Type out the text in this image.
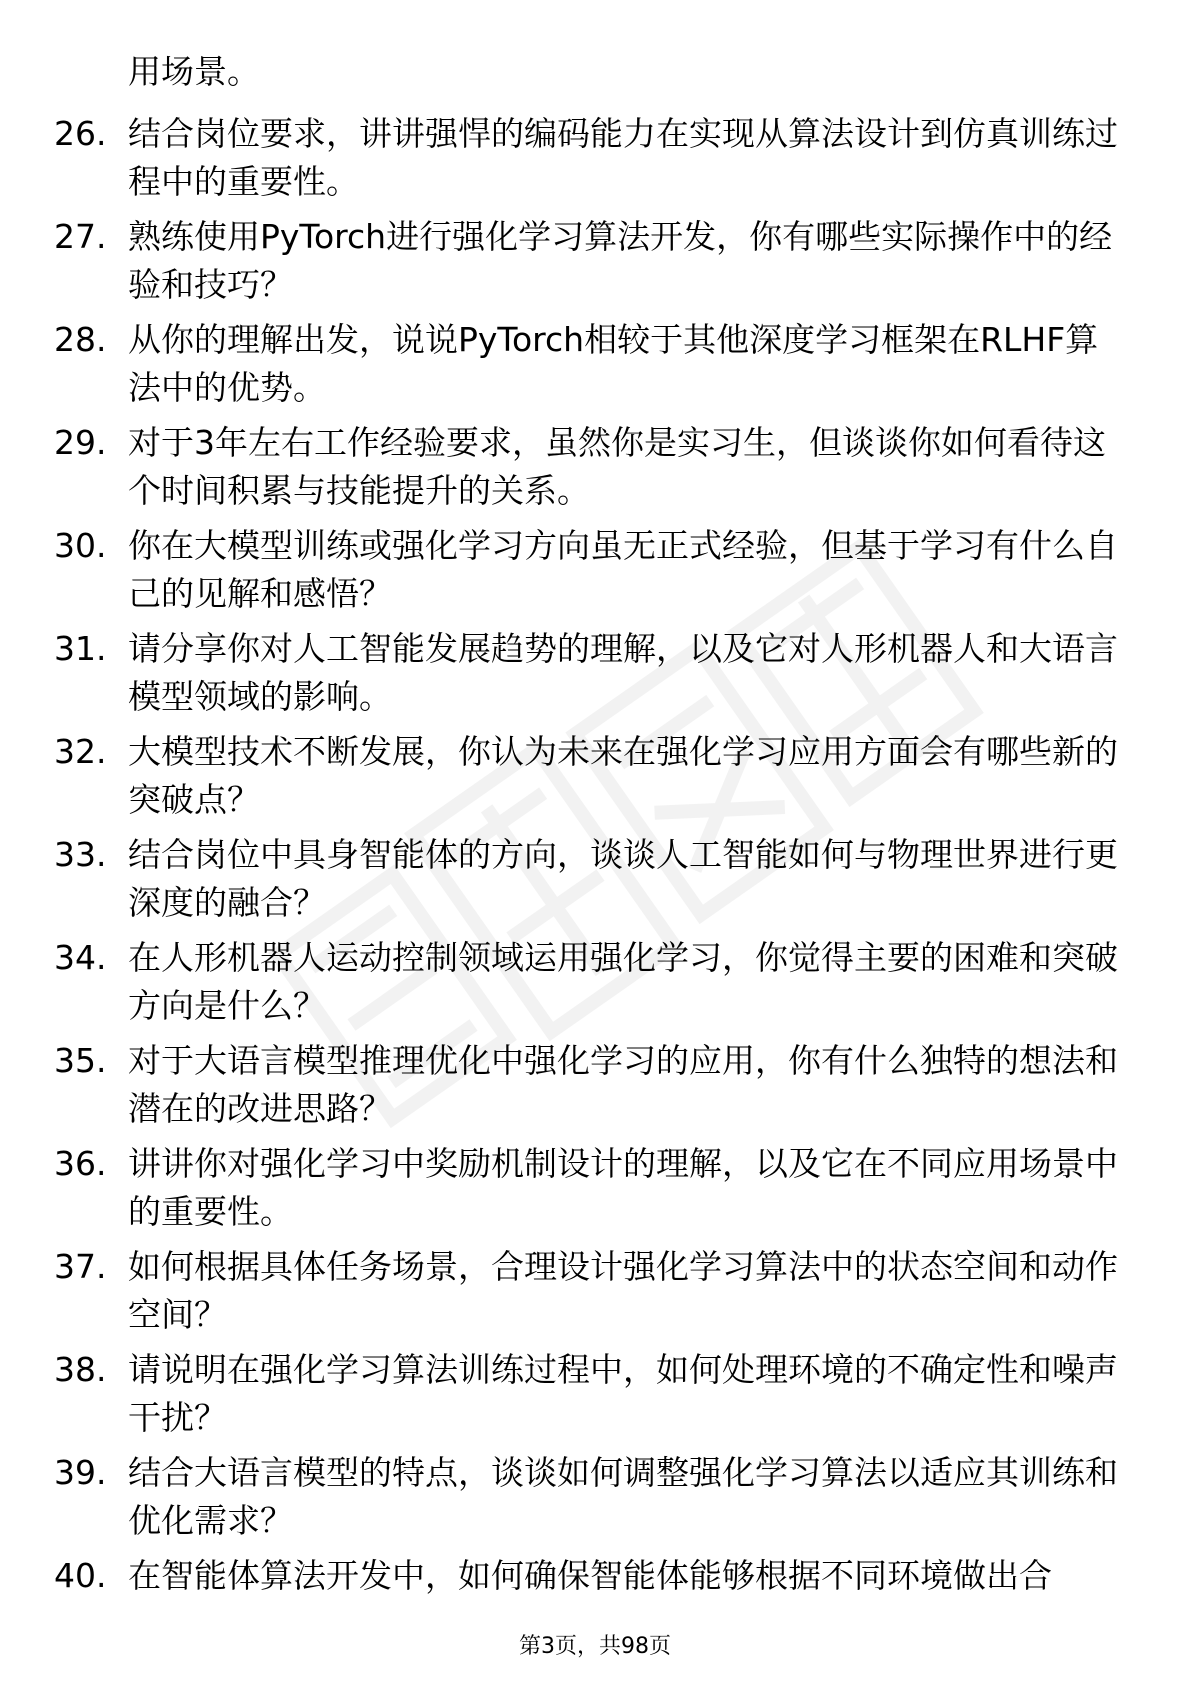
用场景。
26. 结合岗位要求，讲讲强悍的编码能力在实现从算法设计到仿真训练过程中的重要性。
27. 熟练使用PyTorch进行强化学习算法开发，你有哪些实际操作中的经验和技巧？
28. 从你的理解出发，说说PyTorch相较于其他深度学习框架在RLHF算法中的优势。
29. 对于3年左右工作经验要求，虽然你是实习生，但谈谈你如何看待这个时间积累与技能提升的关系。
30. 你在大模型训练或强化学习方向虽无正式经验，但基于学习有什么自己的见解和感悟？
31. 请分享你对人工智能发展趋势的理解，以及它对人形机器人和大语言模型领域的影响。
32. 大模型技术不断发展，你认为未来在强化学习应用方面会有哪些新的突破点？
33. 结合岗位中具身智能体的方向，谈谈人工智能如何与物理世界进行更深度的融合？
34. 在人形机器人运动控制领域运用强化学习，你觉得主要的困难和突破方向是什么？
35. 对于大语言模型推理优化中强化学习的应用，你有什么独特的想法和潜在的改进思路？
36. 讲讲你对强化学习中奖励机制设计的理解，以及它在不同应用场景中的重要性。
37. 如何根据具体任务场景，合理设计强化学习算法中的状态空间和动作空间？
38. 请说明在强化学习算法训练过程中，如何处理环境的不确定性和噪声干扰？
39. 结合大语言模型的特点，谈谈如何调整强化学习算法以适应其训练和优化需求？
40. 在智能体算法开发中，如何确保智能体能够根据不同环境做出合
第3页，共98页
